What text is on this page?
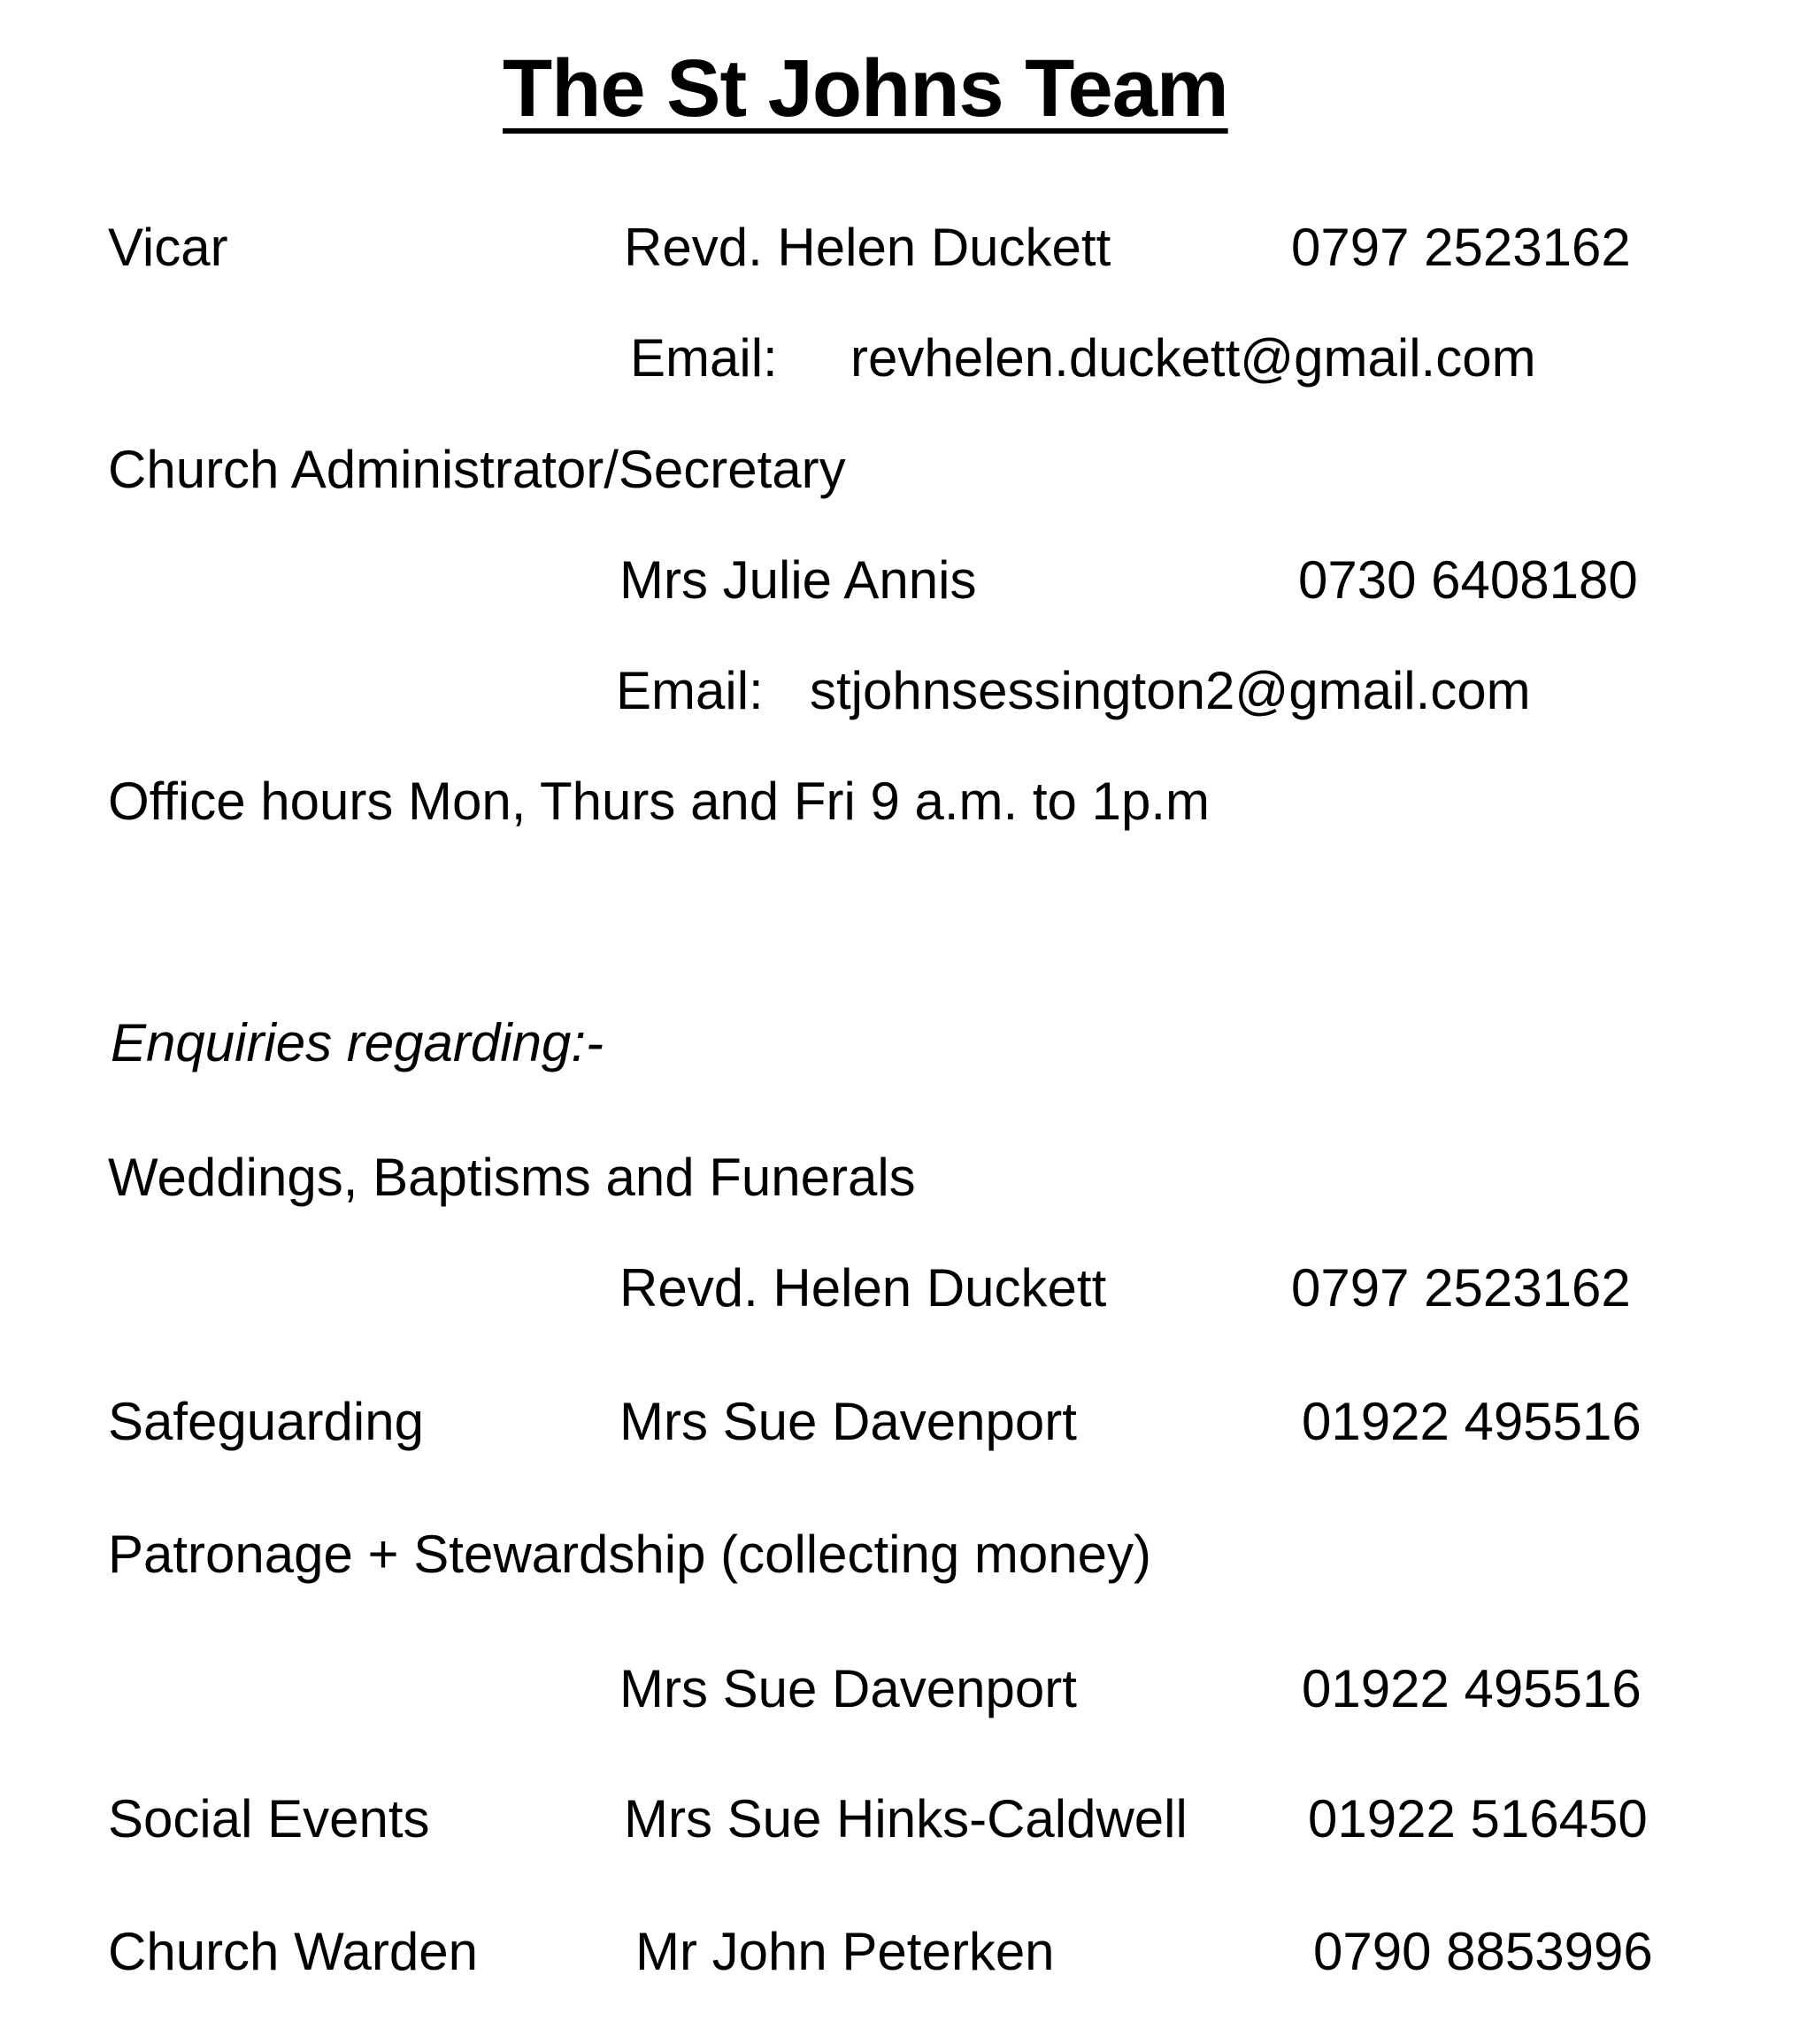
The St Johns Team
Vicar	Revd. Helen Duckett	0797 2523162
Email: revhelen.duckett@gmail.com
Church Administrator/Secretary
Mrs Julie Annis	0730 6408180
Email: stjohnsessington2@gmail.com
Office hours Mon, Thurs and Fri 9 a.m. to 1p.m
Enquiries regarding:-
Weddings, Baptisms and Funerals
Revd. Helen Duckett	0797 2523162
Safeguarding	Mrs Sue Davenport	01922 495516
Patronage + Stewardship (collecting money)
Mrs Sue Davenport	01922 495516
Social Events	Mrs Sue Hinks-Caldwell 01922 516450
Church Warden	Mr John Peterken	0790 8853996
